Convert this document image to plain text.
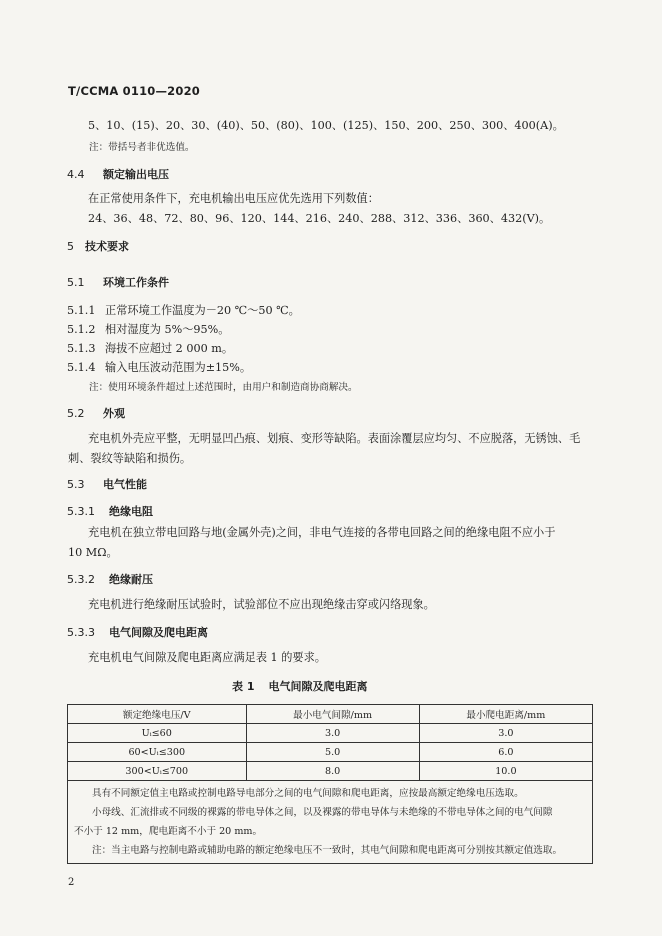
T/CCMA 0110—2020
5、10、(15)、20、30、(40)、50、(80)、100、(125)、150、200、250、300、400(A)。
注：带括号者非优选值。
4.4 额定输出电压
在正常使用条件下，充电机输出电压应优先选用下列数值：
24、36、48、72、80、96、120、144、216、240、288、312、336、360、432(V)。
5 技术要求
5.1 环境工作条件
5.1.1 正常环境工作温度为－20 ℃～50 ℃。
5.1.2 相对湿度为 5%～95%。
5.1.3 海拔不应超过 2 000 m。
5.1.4 输入电压波动范围为±15%。
注：使用环境条件超过上述范围时，由用户和制造商协商解决。
5.2 外观
充电机外壳应平整，无明显凹凸痕、划痕、变形等缺陷。表面涂覆层应均匀、不应脱落，无锈蚀、毛
刺、裂纹等缺陷和损伤。
5.3 电气性能
5.3.1 绝缘电阻
充电机在独立带电回路与地(金属外壳)之间，非电气连接的各带电回路之间的绝缘电阻不应小于
10 MΩ。
5.3.2 绝缘耐压
充电机进行绝缘耐压试验时，试验部位不应出现绝缘击穿或闪络现象。
5.3.3 电气间隙及爬电距离
充电机电气间隙及爬电距离应满足表 1 的要求。
表 1 电气间隙及爬电距离
额定绝缘电压/V	最小电气间隙/mm	最小爬电距离/mm
Uᵢ≤60	3.0	3.0
60<Uᵢ≤300	5.0	6.0
300<Uᵢ≤700	8.0	10.0

具有不同额定值主电路或控制电路导电部分之间的电气间隙和爬电距离，应按最高额定绝缘电压选取。
小母线、汇流排或不同级的裸露的带电导体之间，以及裸露的带电导体与未绝缘的不带电导体之间的电气间隙
不小于 12 mm，爬电距离不小于 20 mm。
注：当主电路与控制电路或辅助电路的额定绝缘电压不一致时，其电气间隙和爬电距离可分别按其额定值选取。		
2
